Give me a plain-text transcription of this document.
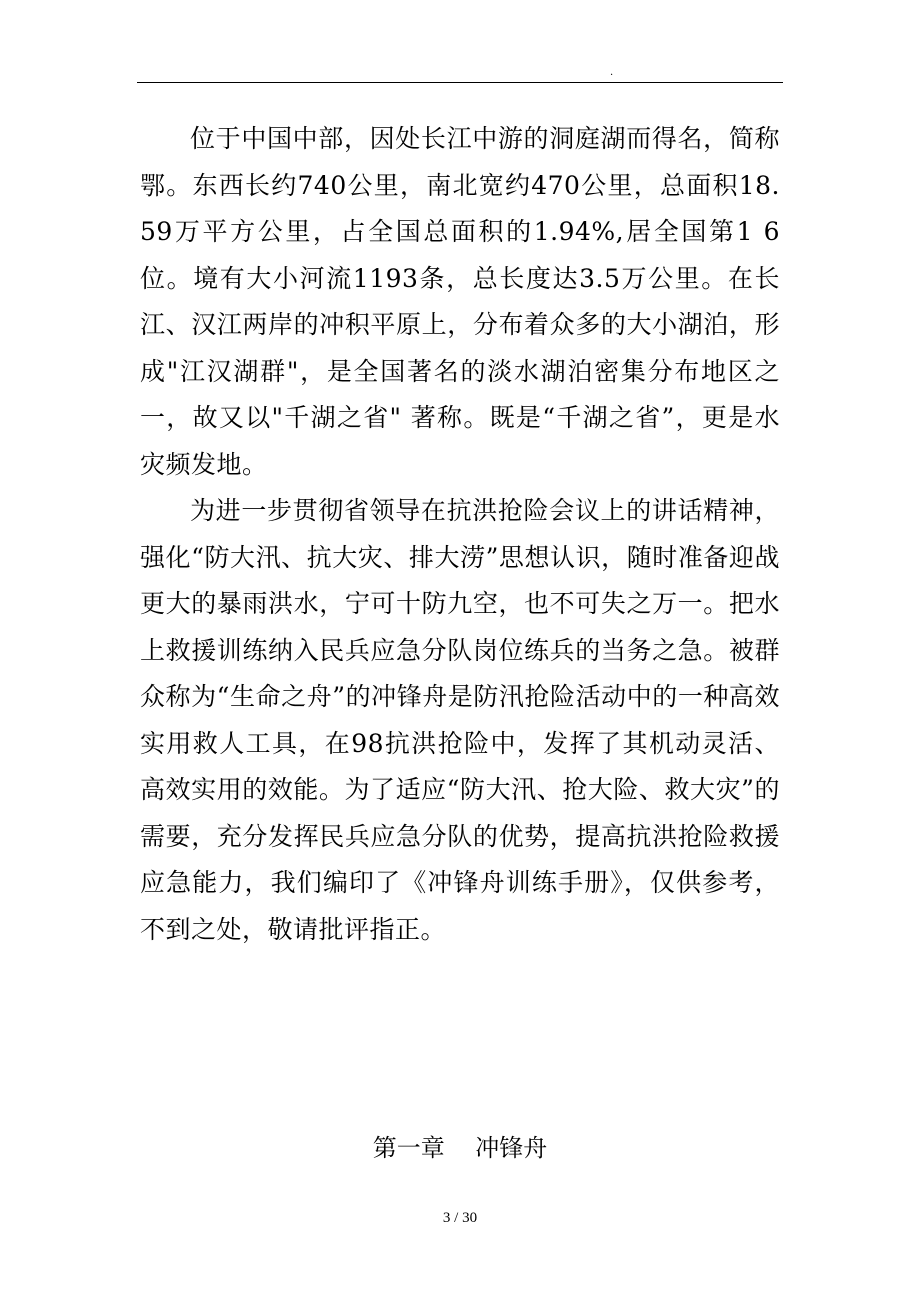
.

位于中国中部，因处长江中游的洞庭湖而得名，简称鄂。东西长约740公里，南北宽约470公里，总面积18.59万平方公里，占全国总面积的1.94%,居全国第1 6位。境有大小河流1193条，总长度达3.5万公里。在长江、汉江两岸的冲积平原上，分布着众多的大小湖泊，形成"江汉湖群"，是全国著名的淡水湖泊密集分布地区之一，故又以"千湖之省" 著称。既是“千湖之省”，更是水灾频发地。

为进一步贯彻省领导在抗洪抢险会议上的讲话精神，强化“防大汛、抗大灾、排大涝”思想认识，随时准备迎战更大的暴雨洪水，宁可十防九空，也不可失之万一。把水上救援训练纳入民兵应急分队岗位练兵的当务之急。被群众称为“生命之舟”的冲锋舟是防汛抢险活动中的一种高效实用救人工具，在98抗洪抢险中，发挥了其机动灵活、高效实用的效能。为了适应“防大汛、抢大险、救大灾”的需要，充分发挥民兵应急分队的优势，提高抗洪抢险救援应急能力，我们编印了《冲锋舟训练手册》，仅供参考，不到之处，敬请批评指正。

第一章    冲锋舟
3 / 30
